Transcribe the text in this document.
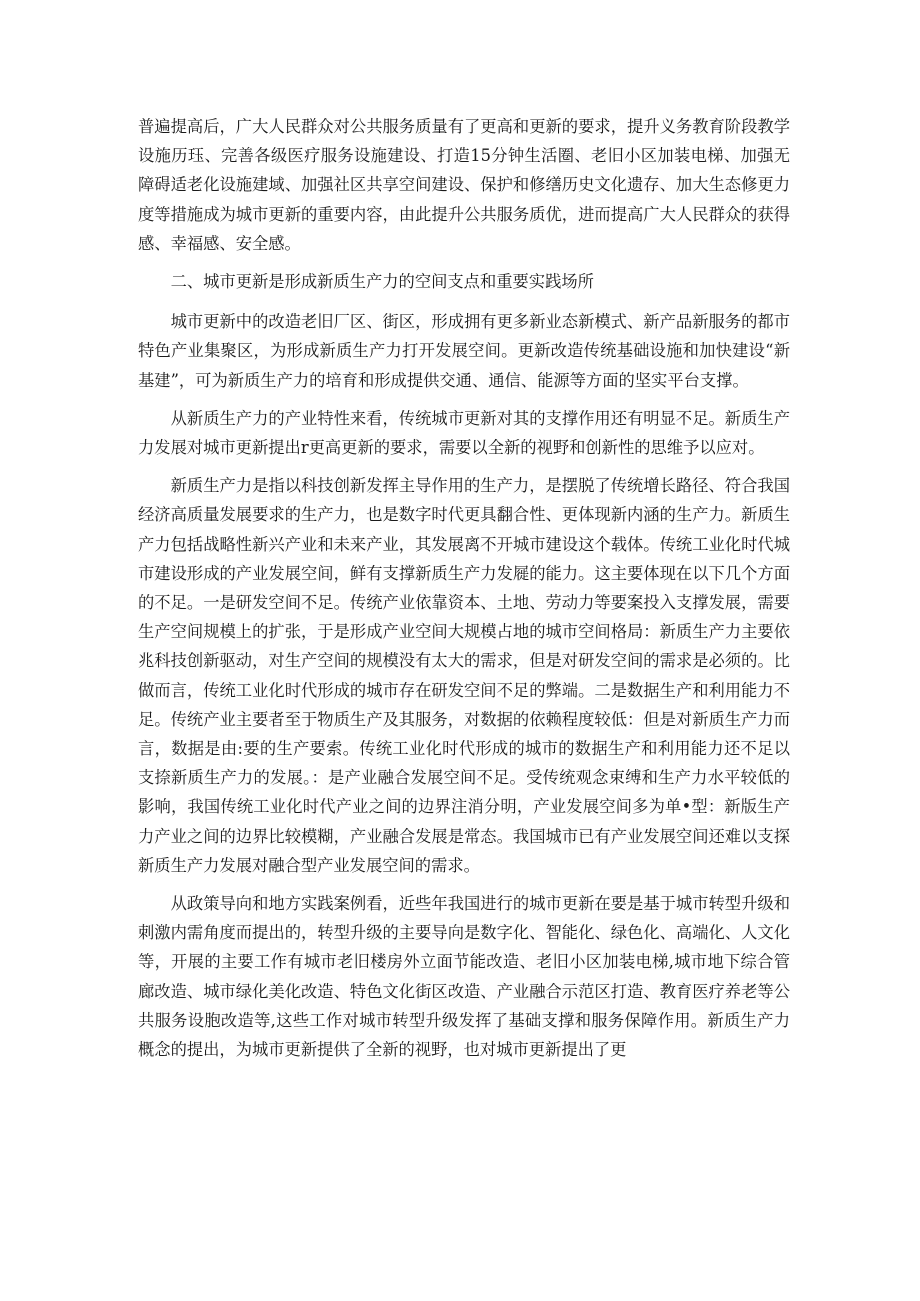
普遍提高后，广大人民群众对公共服务质量有了更高和更新的要求，提升义务教育阶段教学设施历珏、完善各级医疗服务设施建设、打造15分钟生活圈、老旧小区加装电梯、加强无障碍适老化设施建域、加强社区共享空间建设、保护和修缮历史文化遗存、加大生态修更力度等措施成为城市更新的重要内容，由此提升公共服务质优，进而提高广大人民群众的获得感、幸福感、安全感。

二、城市更新是形成新质生产力的空间支点和重要实践场所

城市更新中的改造老旧厂区、街区，形成拥有更多新业态新模式、新产品新服务的都市特色产业集聚区，为形成新质生产力打开发展空间。更新改造传统基础设施和加快建设“新基建”，可为新质生产力的培育和形成提供交通、通信、能源等方面的坚实平台支撑。

从新质生产力的产业特性来看，传统城市更新对其的支撑作用还有明显不足。新质生产力发展对城市更新提出r更高更新的要求，需要以全新的视野和创新性的思维予以应对。

新质生产力是指以科技创新发挥主导作用的生产力，是摆脱了传统增长路径、符合我国经济高质量发展要求的生产力，也是数字时代更具翻合性、更体现新内涵的生产力。新质生产力包括战略性新兴产业和未来产业，其发展离不开城市建设这个载体。传统工业化时代城市建设形成的产业发展空间，鲜有支撑新质生产力发屣的能力。这主要体现在以下几个方面的不足。一是研发空间不足。传统产业依靠资本、土地、劳动力等要案投入支撑发展，需要生产空间规模上的扩张，于是形成产业空间大规模占地的城市空间格局：新质生产力主要依兆科技创新驱动，对生产空间的规模没有太大的需求，但是对研发空间的需求是必须的。比做而言，传统工业化时代形成的城市存在研发空间不足的弊端。二是数据生产和利用能力不足。传统产业主要者至于物质生产及其服务，对数据的依赖程度较低：但是对新质生产力而言，数据是由:要的生产要索。传统工业化时代形成的城市的数据生产和利用能力还不足以支捺新质生产力的发展。：是产业融合发展空间不足。受传统观念束缚和生产力水平较低的影响，我国传统工业化时代产业之间的边界注消分明，产业发展空间多为单•型：新版生产力产业之间的边界比较模糊，产业融合发展是常态。我国城市已有产业发展空间还难以支探新质生产力发展对融合型产业发展空间的需求。

从政策导向和地方实践案例看，近些年我国进行的城市更新在要是基于城市转型升级和刺激内需角度而提出的，转型升级的主要导向是数字化、智能化、绿色化、高端化、人文化等，开展的主要工作有城市老旧楼房外立面节能改造、老旧小区加装电梯,城市地下综合管廊改造、城市绿化美化改造、特色文化街区改造、产业融合示范区打造、教育医疗养老等公共服务设胞改造等,这些工作对城市转型升级发挥了基础支撑和服务保障作用。新质生产力概念的提出，为城市更新提供了全新的视野，也对城市更新提出了更
